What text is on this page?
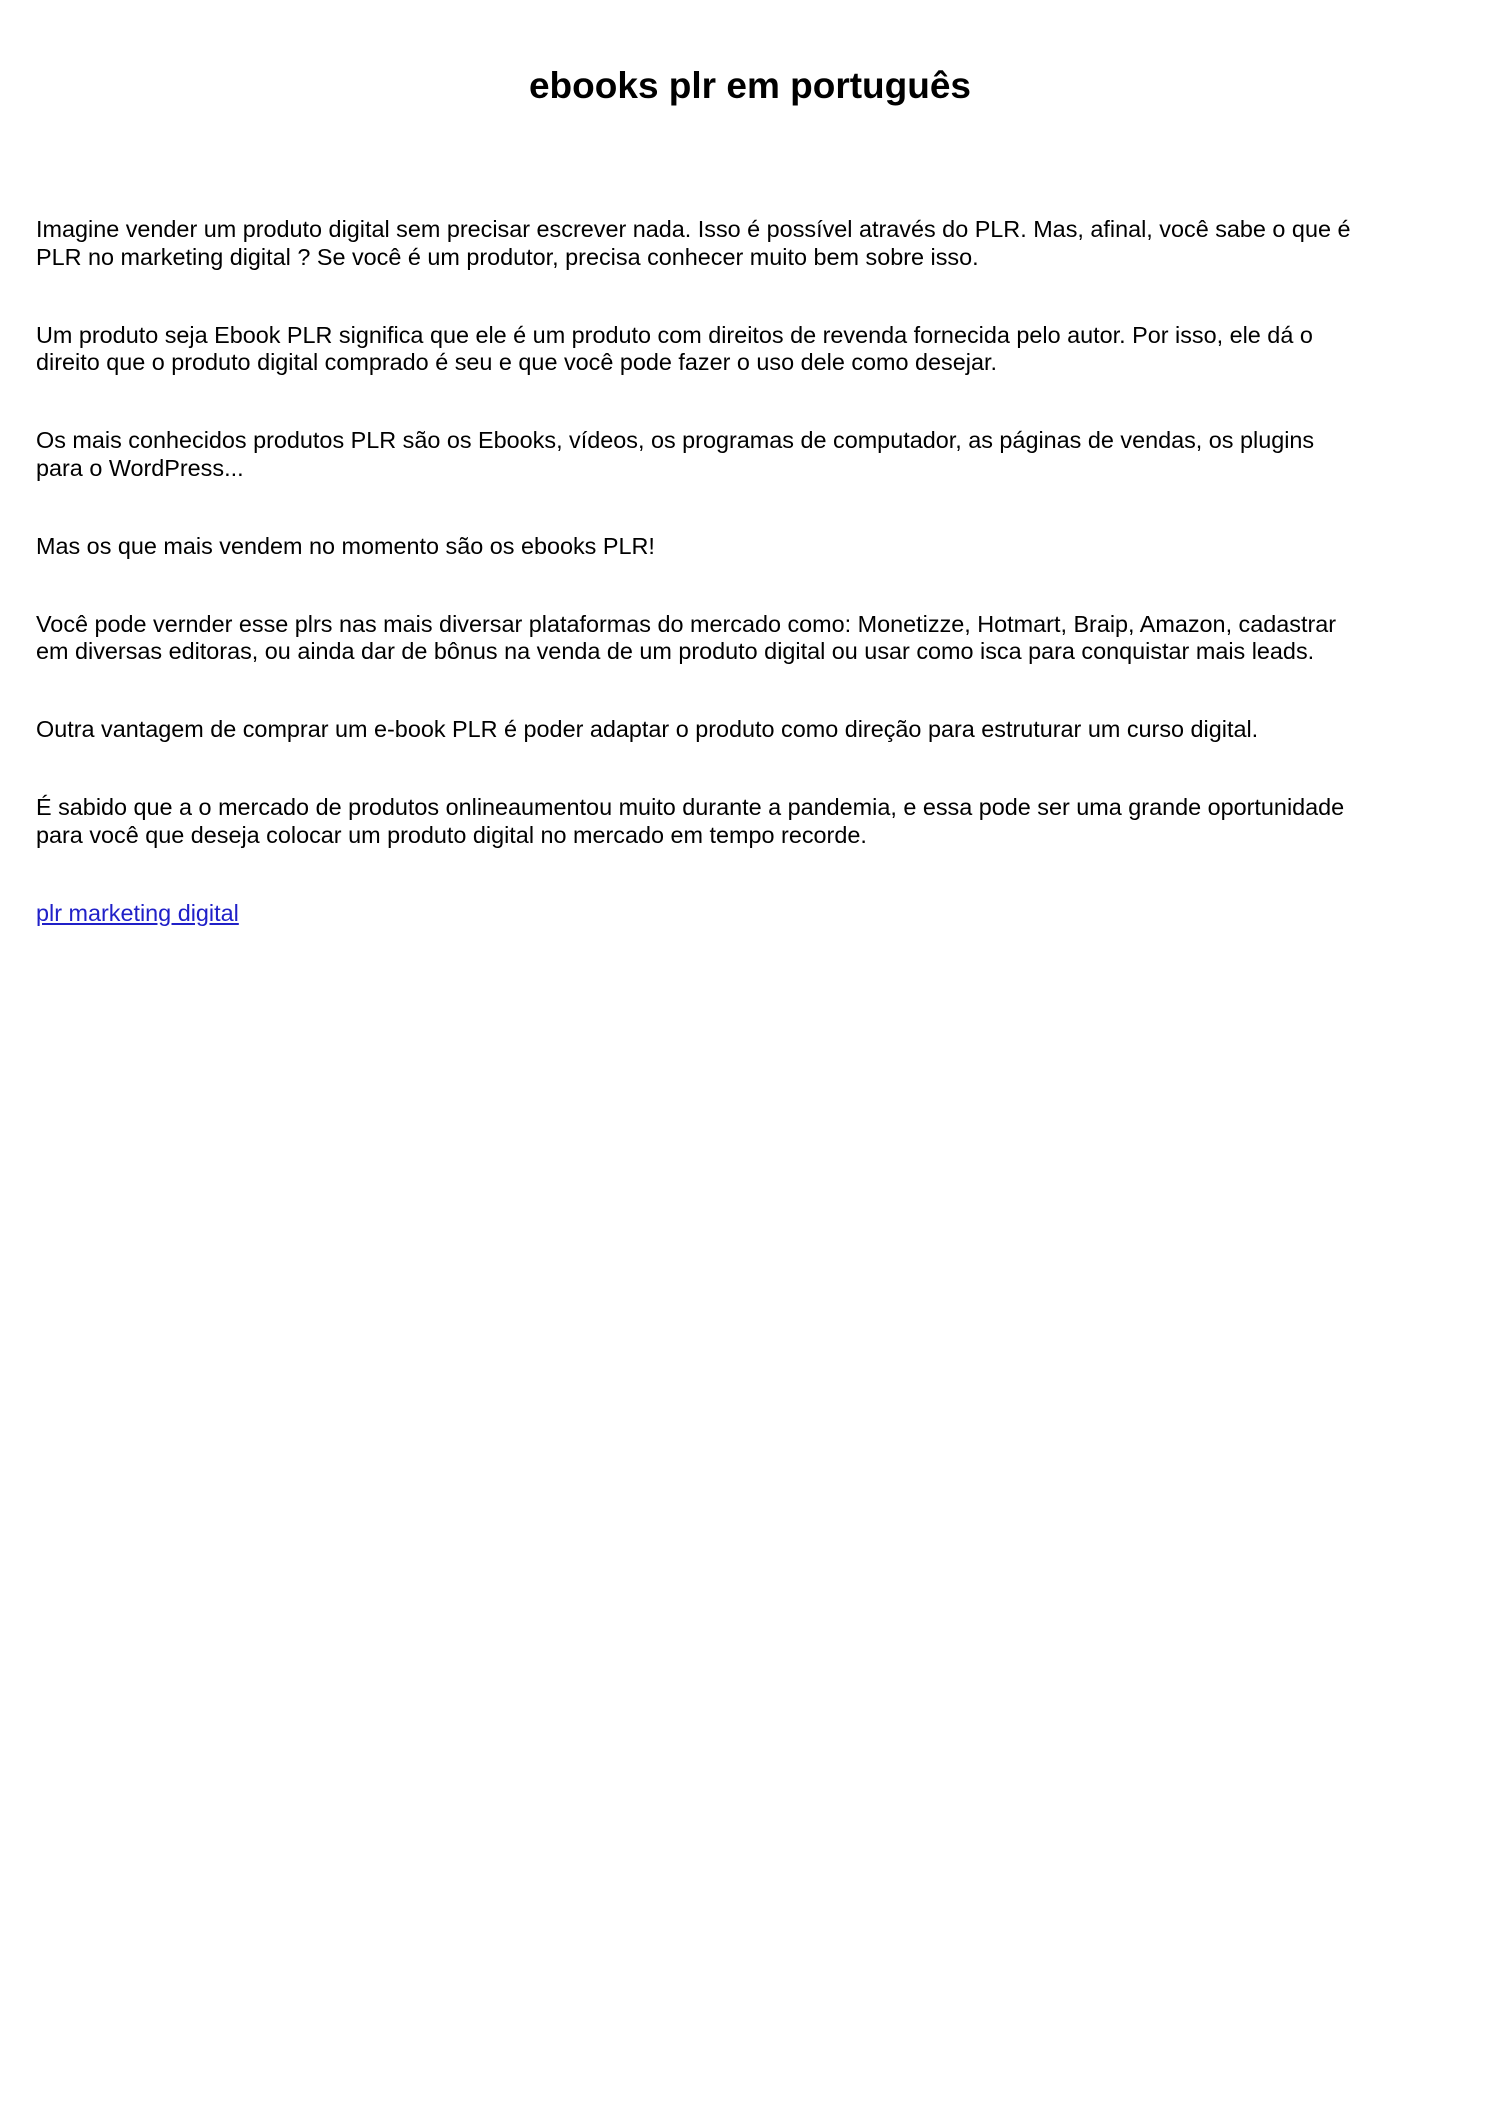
ebooks plr em português

Imagine vender um produto digital sem precisar escrever nada. Isso é possível através do PLR. Mas, afinal, você sabe o que é
PLR no marketing digital ? Se você é um produtor, precisa conhecer muito bem sobre isso.

Um produto seja Ebook PLR significa que ele é um produto com direitos de revenda fornecida pelo autor. Por isso, ele dá o
direito que o produto digital comprado é seu e que você pode fazer o uso dele como desejar.

Os mais conhecidos produtos PLR são os Ebooks, vídeos, os programas de computador, as páginas de vendas, os plugins
para o WordPress...

Mas os que mais vendem no momento são os ebooks PLR!

Você pode vernder esse plrs nas mais diversar plataformas do mercado como: Monetizze, Hotmart, Braip, Amazon, cadastrar
em diversas editoras, ou ainda dar de bônus na venda de um produto digital ou usar como isca para conquistar mais leads.

Outra vantagem de comprar um e-book PLR é poder adaptar o produto como direção para estruturar um curso digital.

É sabido que a o mercado de produtos onlineaumentou muito durante a pandemia, e essa pode ser uma grande oportunidade
para você que deseja colocar um produto digital no mercado em tempo recorde.

plr marketing digital
